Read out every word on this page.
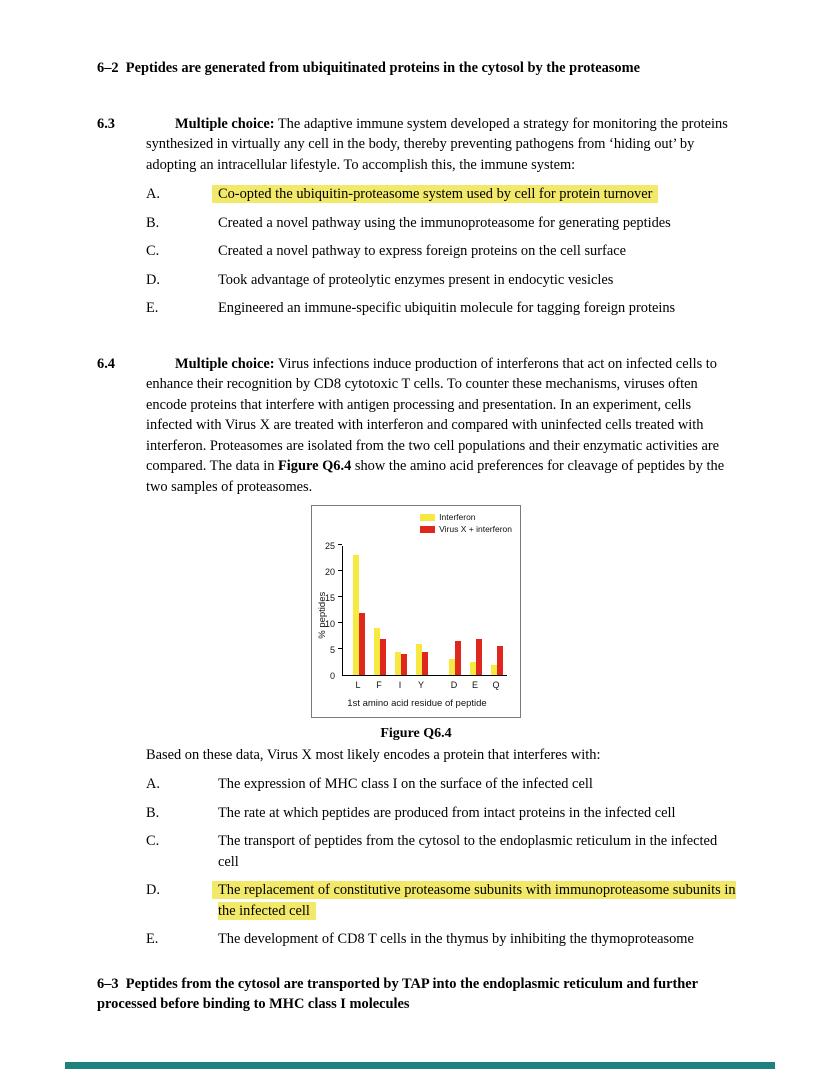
6–2  Peptides are generated from ubiquitinated proteins in the cytosol by the proteasome

6.3	Multiple choice: The adaptive immune system developed a strategy for monitoring the proteins synthesized in virtually any cell in the body, thereby preventing pathogens from ‘hiding out’ by adopting an intracellular lifestyle. To accomplish this, the immune system:

A.	Co-opted the ubiquitin-proteasome system used by cell for protein turnover
B.	Created a novel pathway using the immunoproteasome for generating peptides
C.	Created a novel pathway to express foreign proteins on the cell surface
D.	Took advantage of proteolytic enzymes present in endocytic vesicles
E.	Engineered an immune-specific ubiquitin molecule for tagging foreign proteins
6.4	Multiple choice: Virus infections induce production of interferons that act on infected cells to enhance their recognition by CD8 cytotoxic T cells. To counter these mechanisms, viruses often encode proteins that interfere with antigen processing and presentation. In an experiment, cells infected with Virus X are treated with interferon and compared with uninfected cells treated with interferon. Proteasomes are isolated from the two cell populations and their enzymatic activities are compared. The data in Figure Q6.4 show the amino acid preferences for cleavage of peptides by the two samples of proteasomes.

Interferon
Virus X + interferon
% peptides
0
5
10
15
20
25
L	F	I	Y	D	E	Q
1st amino acid residue of peptide
Figure Q6.4

Based on these data, Virus X most likely encodes a protein that interferes with:

A.	The expression of MHC class I on the surface of the infected cell
B.	The rate at which peptides are produced from intact proteins in the infected cell
C.	The transport of peptides from the cytosol to the endoplasmic reticulum in the infected cell
D.	The replacement of constitutive proteasome subunits with immunoproteasome subunits in the infected cell
E.	The development of CD8 T cells in the thymus by inhibiting the thymoproteasome

6–3  Peptides from the cytosol are transported by TAP into the endoplasmic reticulum and further processed before binding to MHC class I molecules
